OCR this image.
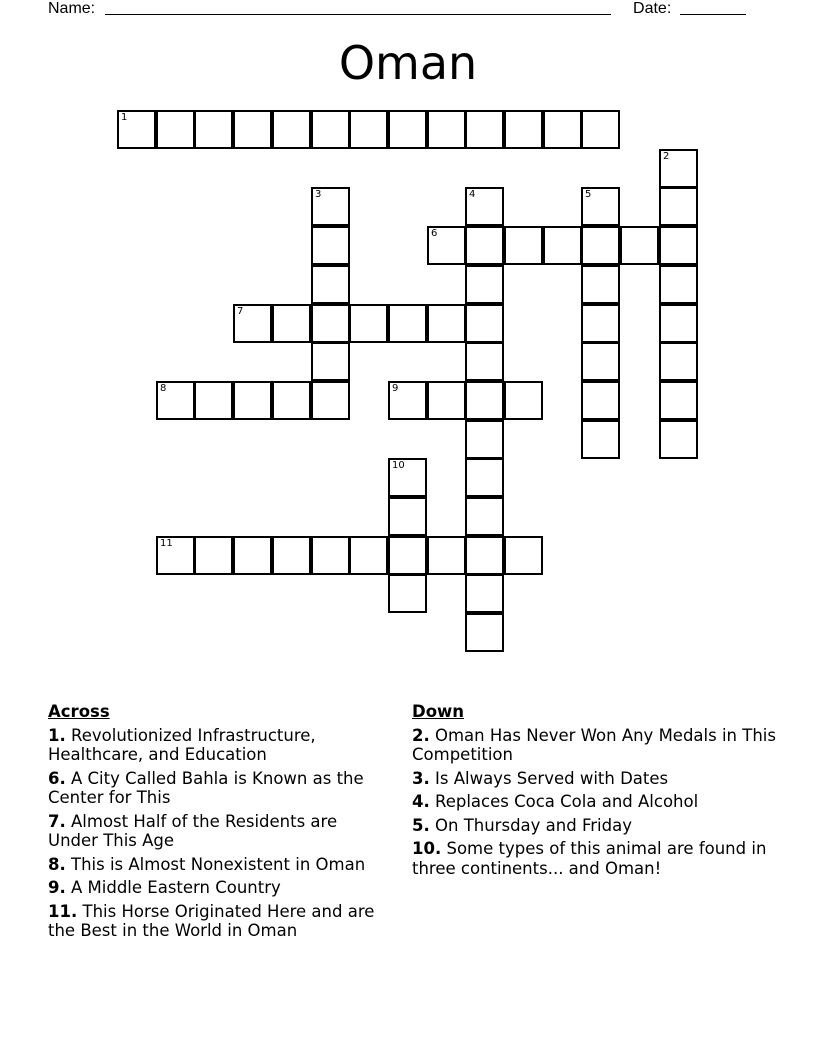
Name:	Date:
Oman
1
2
3	4	5
6
7
8	9
10
11
Across
1. Revolutionized Infrastructure, Healthcare, and Education
6. A City Called Bahla is Known as the Center for This
7. Almost Half of the Residents are Under This Age
8. This is Almost Nonexistent in Oman
9. A Middle Eastern Country
11. This Horse Originated Here and are the Best in the World in Oman
Down
2. Oman Has Never Won Any Medals in This Competition
3. Is Always Served with Dates
4. Replaces Coca Cola and Alcohol
5. On Thursday and Friday
10. Some types of this animal are found in three continents... and Oman!
